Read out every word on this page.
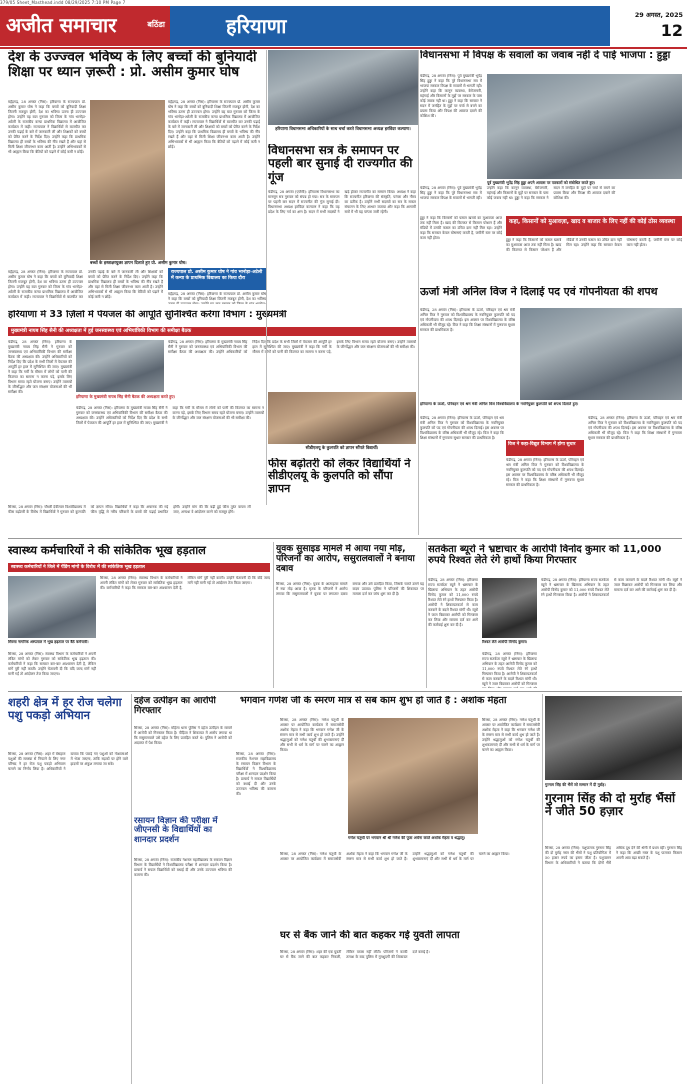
379/05 Sheet_Masthead.indd 08/29/2025 7:10 PM Page 7
अजीत समाचार	बठिंडा	हरियाणा	29 अगस्त, 2025
12
देश के उज्ज्वल भविष्य के लिए बच्चों की बुनियादी शिक्षा पर ध्यान ज़रूरी : प्रो. असीम कुमार घोष
महेंद्रगढ़, 28 अगस्त (निस): हरियाणा के राज्यपाल प्रो. असीम कुमार घोष ने कहा कि बच्चों को बुनियादी शिक्षा जितनी मजबूत होगी, देश का भविष्य उतना ही उज्ज्वल होगा। उन्होंने यह बात गुरुवार को जिला के गांव भानोड़ा-अटेली के राजकीय कन्या प्राथमिक विद्यालय में आयोजित कार्यक्रम में कही। राज्यपाल ने विद्यार्थियों से बातचीत कर उनकी पढ़ाई के बारे में जानकारी ली और शिक्षकों को बच्चों को प्रेरित करने के निर्देश दिए। उन्होंने कहा कि प्राथमिक विद्यालय ही बच्चों के भविष्य की नींव रखते हैं और यहां से मिली शिक्षा जीवनभर काम आती है। उन्होंने अभिभावकों से भी आह्वान किया कि बेटियों को पढ़ाने में कोई कमी न छोड़ें।
बच्चों के हस्ताक्षरयुक्त ज्ञापन दिलाते हुए प्रो. असीम कुमार घोष।
महेंद्रगढ़, 28 अगस्त (निस): हरियाणा के राज्यपाल प्रो. असीम कुमार घोष ने कहा कि बच्चों को बुनियादी शिक्षा जितनी मजबूत होगी, देश का भविष्य उतना ही उज्ज्वल होगा। उन्होंने यह बात गुरुवार को जिला के गांव भानोड़ा-अटेली के राजकीय कन्या प्राथमिक विद्यालय में आयोजित कार्यक्रम में कही। राज्यपाल ने विद्यार्थियों से बातचीत कर उनकी पढ़ाई के बारे में जानकारी ली और शिक्षकों को बच्चों को प्रेरित करने के निर्देश दिए। उन्होंने कहा कि प्राथमिक विद्यालय ही बच्चों के भविष्य की नींव रखते हैं और यहां से मिली शिक्षा जीवनभर काम आती है। उन्होंने अभिभावकों से भी आह्वान किया कि बेटियों को पढ़ाने में कोई कमी न छोड़ें।
राज्यपाल प्रो. असीम कुमार घोष ने गांव भानोड़ा-अटेली में कन्या के प्राथमिक विद्यालय का किया दौरा
महेंद्रगढ़, 28 अगस्त (निस): हरियाणा के राज्यपाल प्रो. असीम कुमार घोष ने कहा कि बच्चों को बुनियादी शिक्षा जितनी मजबूत होगी, देश का भविष्य उतना ही उज्ज्वल होगा। उन्होंने यह बात गुरुवार को जिला के गांव भानोड़ा-अटेली के राजकीय कन्या प्राथमिक विद्यालय में आयोजित कार्यक्रम में कही। राज्यपाल ने विद्यार्थियों से बातचीत कर उनकी पढ़ाई के बारे में जानकारी ली और शिक्षकों को बच्चों को प्रेरित करने के निर्देश दिए। उन्होंने कहा कि प्राथमिक विद्यालय ही बच्चों के भविष्य की नींव रखते हैं और यहां से मिली शिक्षा जीवनभर काम आती है। उन्होंने अभिभावकों से भी आह्वान किया कि बेटियों को पढ़ाने में कोई कमी न छोड़ें।
महेंद्रगढ़, 28 अगस्त (निस): हरियाणा के राज्यपाल प्रो. असीम कुमार घोष ने कहा कि बच्चों को बुनियादी शिक्षा जितनी मजबूत होगी, देश का भविष्य
हरियाणा विधानसभा अधिकारियों के साथ चर्चा करते विधानसभा अध्यक्ष हरविंदर कल्याण।
विधानसभा सत्र के समापन पर पहली बार सुनाई दी राज्यगीत की गूंज
चंडीगढ़, 28 अगस्त (एजेंसी): हरियाणा विधानसभा का मानसून सत्र गुरुवार को संपन्न हो गया। सत्र के समापन पर पहली बार सदन में राज्यगीत की गूंज सुनाई दी। विधानसभा अध्यक्ष हरविंदर कल्याण ने कहा कि यह प्रदेश के लिए गर्व का क्षण है। सदन में सभी सदस्यों ने खड़े होकर राज्यगीत का सम्मान किया। अध्यक्ष ने कहा कि राज्यगीत हरियाणा की संस्कृति, परंपरा और गौरव का प्रतीक है। उन्होंने सभी सदस्यों का सत्र के सफल संचालन के लिए आभार जताया और कहा कि आगामी सत्रों में भी यह परंपरा जारी रहेगी।
विधानसभा में विपक्ष के सवालों का जवाब नहीं दे पाई भाजपा : हुड्डा
चंडीगढ़, 28 अगस्त (निस): पूर्व मुख्यमंत्री भूपेंद्र सिंह हुड्डा ने कहा कि पूरे विधानसभा सत्र में भाजपा सरकार विपक्ष के सवालों से भागती रही। उन्होंने कहा कि कानून व्यवस्था, बेरोजगारी, महंगाई और किसानों के मुद्दों पर सरकार के पास कोई जवाब नहीं था। हुड्डा ने कहा कि सरकार ने सदन में जनहित के मुद्दों पर चर्चा से बचने का प्रयास किया और विपक्ष की आवाज दबाने की कोशिश की।
पूर्व मुख्यमंत्री भूपेंद्र सिंह हुड्डा अपने आवास पर पत्रकारों को संबोधित करते हुए।
चंडीगढ़, 28 अगस्त (निस): पूर्व मुख्यमंत्री भूपेंद्र सिंह हुड्डा ने कहा कि पूरे विधानसभा सत्र में भाजपा सरकार विपक्ष के सवालों से भागती रही। उन्होंने कहा कि कानून व्यवस्था, बेरोजगारी, महंगाई और किसानों के मुद्दों पर सरकार के पास कोई जवाब नहीं था। हुड्डा ने कहा कि सरकार ने सदन में जनहित के मुद्दों पर चर्चा से बचने का प्रयास किया और विपक्ष की आवाज दबाने की कोशिश की।
कहा, किसानों को मुआवज़ा, खाद व बाजार के लिए नहीं की कोई ठोस व्यवस्था
हुड्डा ने कहा कि किसानों को फसल खराबे का मुआवजा आज तक नहीं मिला है। खाद की किल्लत से किसान परेशान हैं और मंडियों में उनकी फसल का उचित दाम नहीं मिल रहा। उन्होंने कहा कि सरकार केवल घोषणाएं करती है, जमीनी स्तर पर कोई काम नहीं होता।	हुड्डा ने कहा कि किसानों को फसल खराबे का मुआवजा आज तक नहीं मिला है। खाद की किल्लत से किसान परेशान हैं और मंडियों में उनकी फसल का उचित दाम नहीं मिल रहा। उन्होंने कहा कि सरकार केवल घोषणाएं करती है, जमीनी स्तर पर कोई काम नहीं होता।
ऊर्जा मंत्री अनिल विज ने दिलाई पद एवं गोपनीयता की शपथ
चंडीगढ़, 28 अगस्त (निस): हरियाणा के ऊर्जा, परिवहन एवं श्रम मंत्री अनिल विज ने गुरुवार को विश्वविद्यालय के नवनियुक्त कुलपति को पद एवं गोपनीयता की शपथ दिलाई। इस अवसर पर विश्वविद्यालय के वरिष्ठ अधिकारी भी मौजूद रहे। विज ने कहा कि शिक्षा संस्थानों में गुणवत्ता सुधार सरकार की प्राथमिकता है।
हरियाणा के ऊर्जा, परिवहन एवं श्रम मंत्री अनिल विज विश्वविद्यालय के नवनियुक्त कुलपति को शपथ दिलाते हुए।
विज ने कहा-विद्युत विभाग में होगा सुधार
चंडीगढ़, 28 अगस्त (निस): हरियाणा के ऊर्जा, परिवहन एवं श्रम मंत्री अनिल विज ने गुरुवार को विश्वविद्यालय के नवनियुक्त कुलपति को पद एवं गोपनीयता की शपथ दिलाई। इस अवसर पर विश्वविद्यालय के वरिष्ठ अधिकारी भी मौजूद रहे। विज ने कहा कि शिक्षा संस्थानों में गुणवत्ता सुधार सरकार की प्राथमिकता है।
चंडीगढ़, 28 अगस्त (निस): हरियाणा के ऊर्जा, परिवहन एवं श्रम मंत्री अनिल विज ने गुरुवार को विश्वविद्यालय के नवनियुक्त कुलपति को पद एवं गोपनीयता की शपथ दिलाई। इस अवसर पर विश्वविद्यालय के वरिष्ठ अधिकारी भी मौजूद रहे। विज ने कहा कि शिक्षा संस्थानों में गुणवत्ता सुधार सरकार की प्राथमिकता है।
चंडीगढ़, 28 अगस्त (निस): हरियाणा के ऊर्जा, परिवहन एवं श्रम मंत्री अनिल विज ने गुरुवार को विश्वविद्यालय के नवनियुक्त कुलपति को पद एवं गोपनीयता की शपथ दिलाई। इस अवसर पर विश्वविद्यालय के वरिष्ठ अधिकारी भी मौजूद रहे। विज ने कहा कि शिक्षा संस्थानों में गुणवत्ता सुधार सरकार की प्राथमिकता है।
हरियाणा में 33 ज़िलों में पेयजल की आपूर्ति सुनिश्चित करेगा विभाग : मुख्यमंत्री
मुख्यमंत्री नायब सिंह सैनी की अध्यक्षता में हुई जनस्वास्थ्य एवं अभियांत्रिकी विभाग की समीक्षा बैठक
चंडीगढ़, 28 अगस्त (निस): हरियाणा के मुख्यमंत्री नायब सिंह सैनी ने गुरुवार को जनस्वास्थ्य एवं अभियांत्रिकी विभाग की समीक्षा बैठक की अध्यक्षता की। उन्होंने अधिकारियों को निर्देश दिए कि प्रदेश के सभी जिलों में पेयजल की आपूर्ति हर हाल में सुनिश्चित की जाए। मुख्यमंत्री ने कहा कि गर्मी के मौसम में लोगों को पानी की किल्लत का सामना न करना पड़े, इसके लिए विभाग समय रहते योजना बनाए। उन्होंने तालाबों के जीर्णोद्धार और जल संरक्षण योजनाओं की भी समीक्षा की।
हरियाणा के मुख्यमंत्री नायब सिंह सैनी बैठक की अध्यक्षता करते हुए।
चंडीगढ़, 28 अगस्त (निस): हरियाणा के मुख्यमंत्री नायब सिंह सैनी ने गुरुवार को जनस्वास्थ्य एवं अभियांत्रिकी विभाग की समीक्षा बैठक की अध्यक्षता की। उन्होंने अधिकारियों को निर्देश दिए कि प्रदेश के सभी जिलों में पेयजल की आपूर्ति हर हाल में सुनिश्चित की जाए। मुख्यमंत्री ने कहा कि गर्मी के मौसम में लोगों को पानी की किल्लत का सामना न करना पड़े, इसके लिए विभाग समय रहते योजना बनाए। उन्होंने तालाबों के जीर्णोद्धार और जल संरक्षण योजनाओं की भी समीक्षा की।
चंडीगढ़, 28 अगस्त (निस): हरियाणा के मुख्यमंत्री नायब सिंह सैनी ने गुरुवार को जनस्वास्थ्य एवं अभियांत्रिकी विभाग की समीक्षा बैठक की अध्यक्षता की। उन्होंने अधिकारियों को निर्देश दिए कि प्रदेश के सभी जिलों में पेयजल की आपूर्ति हर हाल में सुनिश्चित की जाए। मुख्यमंत्री ने कहा कि गर्मी के मौसम में लोगों को पानी की किल्लत का सामना न करना पड़े, इसके लिए विभाग समय रहते योजना बनाए। उन्होंने तालाबों के जीर्णोद्धार और जल संरक्षण योजनाओं की भी समीक्षा की।
सीडीएलयू के कुलपति को ज्ञापन सौंपते विद्यार्थी।
फीस बढ़ोतरी को लेकर विद्यार्थियों ने सीडीएलयू के कुलपति को सौंपा ज्ञापन
सिरसा, 28 अगस्त (निस): चौधरी देवीलाल विश्वविद्यालय में फीस बढ़ोतरी के विरोध में विद्यार्थियों ने गुरुवार को कुलपति को ज्ञापन सौंपा। विद्यार्थियों ने कहा कि अचानक की गई फीस वृद्धि से गरीब परिवारों के छात्रों की पढ़ाई प्रभावित होगी। उन्होंने मांग की कि बढ़ी हुई फीस तुरंत वापस ली जाए, अन्यथा वे आंदोलन करने को मजबूर होंगे।
स्वास्थ्य कर्मचारियों ने की सांकेतिक भूख हड़ताल
स्वास्थ्य कर्मचारियों ने जिले में पेंडिंग मांगों के विरोध में की सांकेतिक भूख हड़ताल
सिरसा नागरिक अस्पताल में भूख हड़ताल पर बैठे कर्मचारी।
सिरसा, 28 अगस्त (निस): स्वास्थ्य विभाग के कर्मचारियों ने अपनी लंबित मांगों को लेकर गुरुवार को सांकेतिक भूख हड़ताल की। कर्मचारियों ने कहा कि सरकार बार-बार आश्वासन देती है, लेकिन मांगें पूरी नहीं करती। उन्होंने चेतावनी दी कि यदि जल्द मांगें नहीं मानी गईं तो आंदोलन तेज किया जाएगा।
सिरसा, 28 अगस्त (निस): स्वास्थ्य विभाग के कर्मचारियों ने अपनी लंबित मांगों को लेकर गुरुवार को सांकेतिक भूख हड़ताल की। कर्मचारियों ने कहा कि सरकार बार-बार आश्वासन देती है, लेकिन मांगें पूरी नहीं करती। उन्होंने चेतावनी दी कि यदि जल्द मांगें नहीं मानी गईं तो आंदोलन तेज किया जाएगा।
युवक सुसाइड मामले में आया नया मोड़, परिजनों का आरोप, ससुरालवालों ने बनाया दबाव
सिरसा, 28 अगस्त (निस): युवक के आत्महत्या मामले में नया मोड़ आया है। मृतक के परिजनों ने आरोप लगाया कि ससुरालवालों ने युवक पर लगातार दबाव बनाया और उसे प्रताड़ित किया, जिसके चलते उसने यह कदम उठाया। पुलिस ने परिजनों की शिकायत पर मामला दर्ज कर जांच शुरू कर दी है।
सतर्कता ब्यूरो ने भ्रष्टाचार के आरोपी विनोद कुमार को 11,000 रुपये रिश्वत लेते रंगे हाथों किया गिरफ्तार
चंडीगढ़, 28 अगस्त (निस): हरियाणा राज्य सतर्कता ब्यूरो ने भ्रष्टाचार के खिलाफ अभियान के तहत आरोपी विनोद कुमार को 11,000 रुपये रिश्वत लेते रंगे हाथों गिरफ्तार किया है। आरोपी ने शिकायतकर्ता से काम करवाने के बदले रिश्वत मांगी थी। ब्यूरो ने जाल बिछाकर आरोपी को गिरफ्तार कर लिया और मामला दर्ज कर आगे की कार्रवाई शुरू कर दी है।
रिश्वत लेते आरोपी विनोद कुमार।
चंडीगढ़, 28 अगस्त (निस): हरियाणा राज्य सतर्कता ब्यूरो ने भ्रष्टाचार के खिलाफ अभियान के तहत आरोपी विनोद कुमार को 11,000 रुपये रिश्वत लेते रंगे हाथों गिरफ्तार किया है। आरोपी ने शिकायतकर्ता से काम करवाने के बदले रिश्वत मांगी थी। ब्यूरो ने जाल बिछाकर आरोपी को गिरफ्तार कर लिया और मामला दर्ज कर आगे की कार्रवाई शुरू कर दी है।
चंडीगढ़, 28 अगस्त (निस): हरियाणा राज्य सतर्कता ब्यूरो ने भ्रष्टाचार के खिलाफ अभियान के तहत आरोपी विनोद कुमार को 11,000 रुपये रिश्वत लेते रंगे हाथों गिरफ्तार किया है। आरोपी ने शिकायतकर्ता से काम करवाने के बदले रिश्वत मांगी थी। ब्यूरो ने जाल बिछाकर आरोपी को गिरफ्तार
शहरी क्षेत्र में हर रोज चलेगा पशु पकड़ो अभियान
सिरसा, 28 अगस्त (निस): शहर में बेसहारा पशुओं की समस्या से निपटने के लिए नगर परिषद ने हर रोज पशु पकड़ो अभियान चलाने का निर्णय लिया है। अधिकारियों ने बताया कि पकड़े गए पशुओं को गोशालाओं में भेजा जाएगा, ताकि सड़कों पर होने वाले हादसों पर अंकुश लगाया जा सके।
दहेज उत्पीड़न का आरोपी गिरफ्तार
सिरसा, 28 अगस्त (निस): महिला थाना पुलिस ने दहेज उत्पीड़न के मामले में आरोपी को गिरफ्तार किया है। पीड़िता ने शिकायत में आरोप लगाया था कि ससुरालवाले उसे दहेज के लिए प्रताड़ित करते थे। पुलिस ने आरोपी को अदालत में पेश किया।
रसायन विज्ञान की परीक्षा में जीएनसी के विद्यार्थियों का शानदार प्रदर्शन
सिरसा, 28 अगस्त (निस): राजकीय नेशनल महाविद्यालय के रसायन विज्ञान विभाग के विद्यार्थियों ने विश्वविद्यालय परीक्षा में शानदार प्रदर्शन किया है। प्राचार्य ने सफल विद्यार्थियों को बधाई दी और उनके उज्ज्वल भविष्य की कामना की।
सिरसा, 28 अगस्त (निस): राजकीय नेशनल महाविद्यालय के रसायन विज्ञान विभाग के विद्यार्थियों ने विश्वविद्यालय परीक्षा में शानदार प्रदर्शन किया है। प्राचार्य ने सफल विद्यार्थियों को बधाई दी और उनके उज्ज्वल भविष्य की कामना की।
भगवान गणेश जी के स्मरण मात्र से सब काम शुभ हो जाते हैं : अशोक मेहता
सिरसा, 28 अगस्त (निस): गणेश चतुर्थी के अवसर पर आयोजित कार्यक्रम में समाजसेवी अशोक मेहता ने कहा कि भगवान गणेश जी के स्मरण मात्र से सभी कार्य शुभ हो जाते हैं। उन्होंने श्रद्धालुओं को गणेश चतुर्थी की शुभकामनाएं दीं और सभी से धर्म के मार्ग पर चलने का आह्वान किया।
गणेश चतुर्थी पर भगवान श्री श्री गणेश की पूजा अर्चना करते अशोक मेहता व श्रद्धालु।
सिरसा, 28 अगस्त (निस): गणेश चतुर्थी के अवसर पर आयोजित कार्यक्रम में समाजसेवी अशोक मेहता ने कहा कि भगवान गणेश जी के स्मरण मात्र से सभी कार्य शुभ हो जाते हैं। उन्होंने श्रद्धालुओं को गणेश चतुर्थी की शुभकामनाएं दीं और सभी से धर्म के मार्ग पर चलने का आह्वान किया।
सिरसा, 28 अगस्त (निस): गणेश चतुर्थी के अवसर पर आयोजित कार्यक्रम में समाजसेवी अशोक मेहता ने कहा कि भगवान गणेश जी के स्मरण मात्र से सभी कार्य शुभ हो जाते हैं। उन्होंने श्रद्धालुओं को गणेश चतुर्थी की शुभकामनाएं दीं और सभी से धर्म के मार्ग पर चलने का आह्वान किया।
घर से बैंक जाने की बात कहकर गई युवती लापता
सिरसा, 28 अगस्त (निस): शहर की एक युवती घर से बैंक जाने की बात कहकर निकली, लेकिन वापस नहीं लौटी। परिजनों ने काफी तलाश के बाद पुलिस में गुमशुदगी की शिकायत दर्ज कराई है।
गुरनाम सिंह की भैंसें जो सम्मान में दी मुर्राह।
गुरनाम सिंह की दो मुर्राह भैंसों ने जीते 50 हज़ार
सिरसा, 28 अगस्त (निस): पशुपालक गुरनाम सिंह की दो मुर्राह नस्ल की भैंसों ने पशु प्रतियोगिता में 50 हजार रुपये का इनाम जीता है। पशुपालन विभाग के अधिकारियों ने बताया कि दोनों भैंसें अधिक दूध देने की श्रेणी में प्रथम रहीं। गुरनाम सिंह ने कहा कि अच्छी नस्ल के पशु पालकर किसान अपनी आय बढ़ा सकते हैं।
